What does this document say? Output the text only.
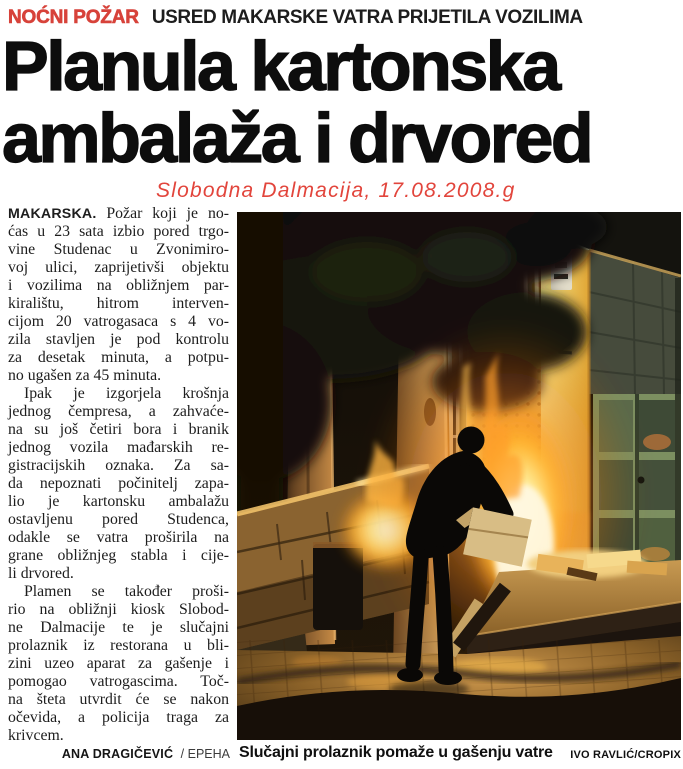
NOĆNI POŽAR USRED MAKARSKE VATRA PRIJETILA VOZILIMA
Planula kartonska
ambalaža i drvored
Slobodna Dalmacija, 17.08.2008.g
MAKARSKA. Požar koji je no-
ćas u 23 sata izbio pored trgo-
vine Studenac u Zvonimiro-
voj ulici, zaprijetivši objektu
i vozilima na obližnjem par-
kiralištu, hitrom interven-
cijom 20 vatrogasaca s 4 vo-
zila stavljen je pod kontrolu
za desetak minuta, a potpu-
no ugašen za 45 minuta.
Ipak je izgorjela krošnja
jednog čempresa, a zahvaće-
na su još četiri bora i branik
jednog vozila mađarskih re-
gistracijskih oznaka. Za sa-
da nepoznati počinitelj zapa-
lio je kartonsku ambalažu
ostavljenu pored Studenca,
odakle se vatra proširila na
grane obližnjeg stabla i cije-
li drvored.
Plamen se također proši-
rio na obližnji kiosk Slobod-
ne Dalmacije te je slučajni
prolaznik iz restorana u bli-
zini uzeo aparat za gašenje i
pomogao vatrogascima. Toč-
na šteta utvrdit će se nakon
očevida, a policija traga za
krivcem.
ANA DRAGIČEVIĆ / EPEHA Slučajni prolaznik pomaže u gašenju vatre IVO RAVLIĆ/CROPIX
